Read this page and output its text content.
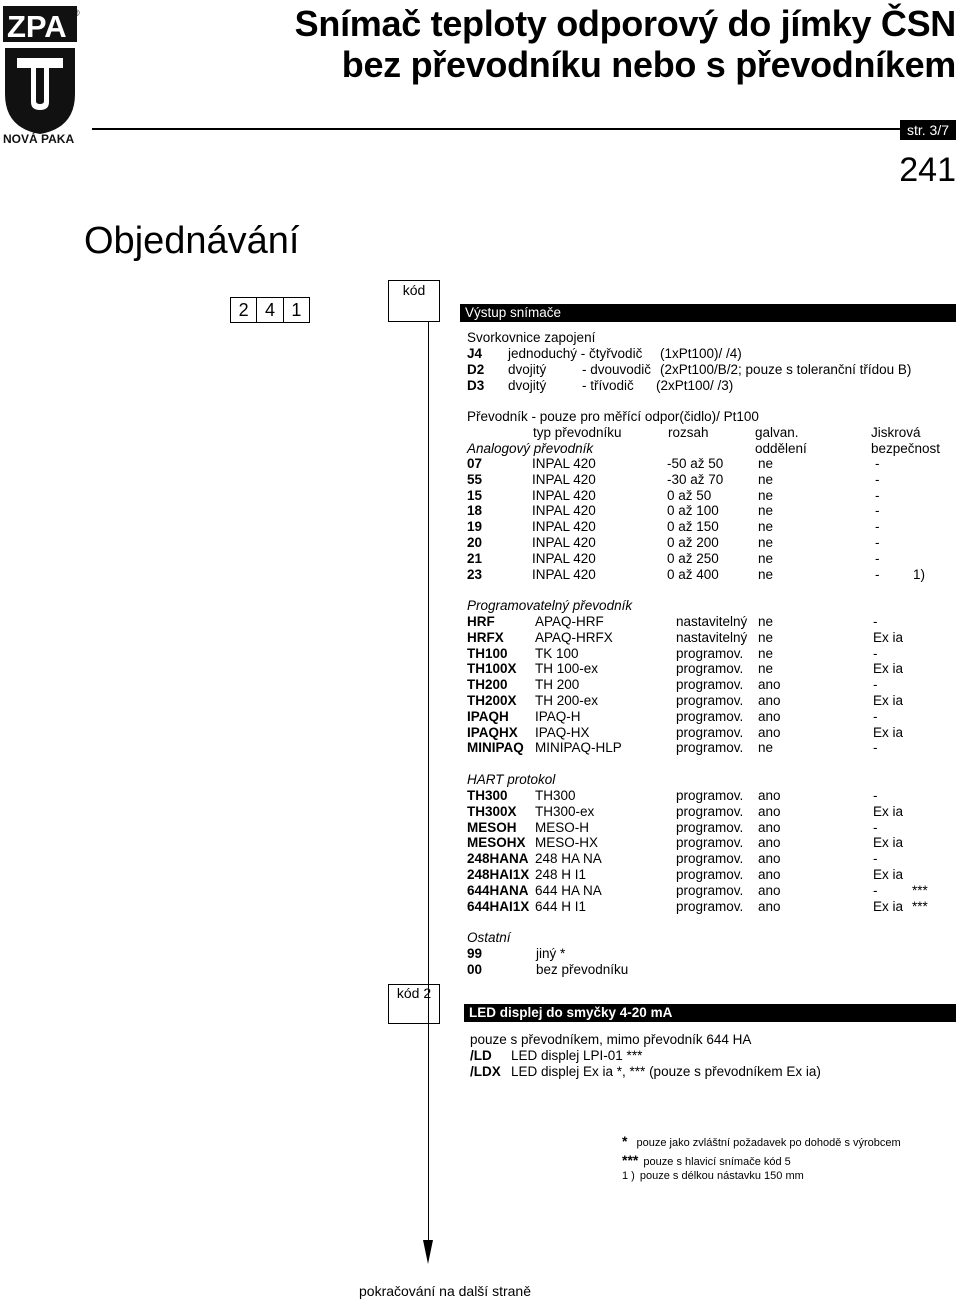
ZPA ®
NOVÁ PAKA
Snímač teploty odporový do jímky ČSN
bez převodníku nebo s převodníkem
str. 3/7
241
Objednávání
2 4 1
kód
Výstup snímače
Svorkovnice zapojení
J4 jednoduchý - čtyřvodič (1xPt100)/ /4)
D2 dvojitý	- dvouvodič (2xPt100/B/2; pouze s toleranční třídou B)
D3 dvojitý	- třívodič (2xPt100/ /3)
Převodník - pouze pro měřící odpor(čidlo)/ Pt100
typ převodníku	rozsah	galvan.	Jiskrová
Analogový převodník	oddělení	bezpečnost
07	INPAL 420	-50 až 50	ne	-
55	INPAL 420	-30 až 70	ne	-
15	INPAL 420	0 až 50	ne	-
18	INPAL 420	0 až 100	ne	-
19	INPAL 420	0 až 150	ne	-
20	INPAL 420	0 až 200	ne	-
21	INPAL 420	0 až 250	ne	-
23	INPAL 420	0 až 400	ne	- 1)
Programovatelný převodník
HRF	APAQ-HRF	nastavitelný ne	-
HRFX APAQ-HRFX	nastavitelný ne	Ex ia
TH100 TK 100	programov. ne	-
TH100X TH 100-ex	programov. ne	Ex ia
TH200 TH 200	programov. ano	-
TH200X TH 200-ex	programov. ano	Ex ia
IPAQH IPAQ-H	programov. ano	-
IPAQHX IPAQ-HX	programov. ano	Ex ia
MINIPAQ MINIPAQ-HLP	programov. ne	-
HART protokol
TH300 TH300	programov. ano	-
TH300X TH300-ex	programov. ano	Ex ia
MESOH MESO-H	programov. ano	-
MESOHX MESO-HX	programov. ano	Ex ia
248HANA 248 HA NA	programov. ano	-
248HAI1X 248 H I1	programov. ano	Ex ia
644HANA 644 HA NA	programov. ano	-	***
644HAI1X 644 H I1	programov. ano	Ex ia ***
Ostatní
99	jiný *
00	bez převodníku
kód 2
LED displej do smyčky 4-20 mA
pouze s převodníkem, mimo převodník 644 HA
/LD LED displej LPI-01 ***
/LDX LED displej Ex ia *, *** (pouze s převodníkem Ex ia)
* pouze jako zvláštní požadavek po dohodě s výrobcem
*** pouze s hlavicí snímače kód 5
1 ) pouze s délkou nástavku 150 mm
pokračování na další straně
